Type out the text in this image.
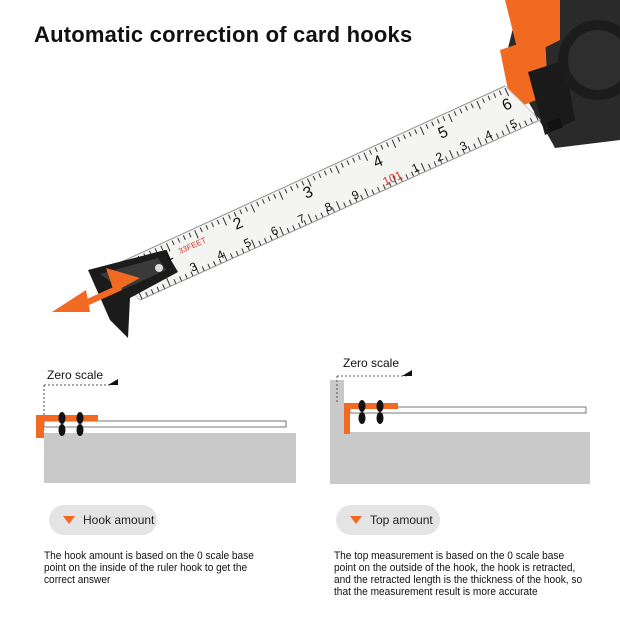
Automatic correction of card hooks
1
2
3
4
5
6
33FEET
3
4
5
6
7
8
9
101 1
2
3
4
5
Zero scale
Zero scale
Hook amount	Top amount
The hook amount is based on the 0 scale base point on the inside of the ruler hook to get the correct answer
The top measurement is based on the 0 scale base point on the outside of the hook, the hook is retracted, and the retracted length is the thickness of the hook, so that the measurement result is more accurate
